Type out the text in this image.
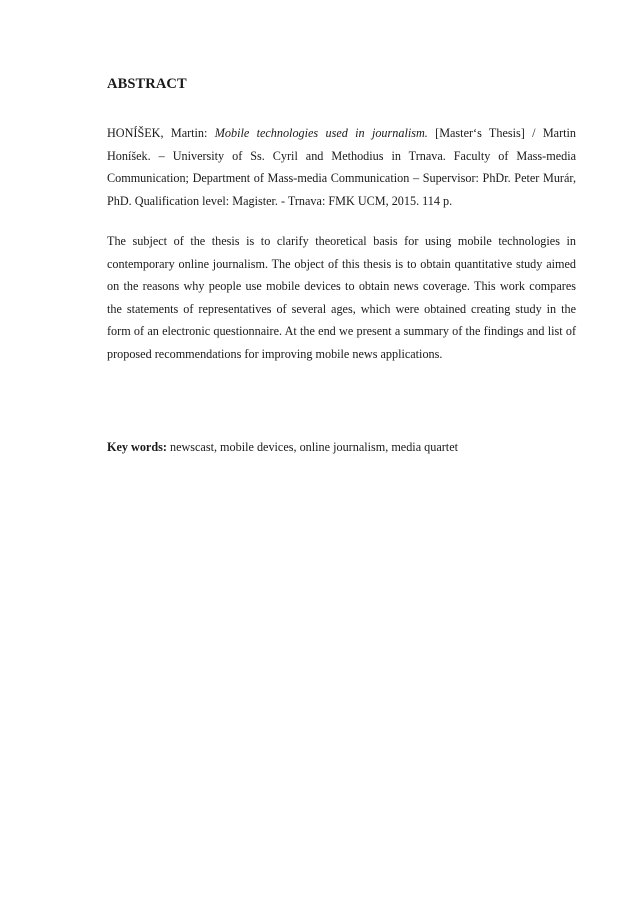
ABSTRACT
HONÍŠEK, Martin: Mobile technologies used in journalism. [Master‘s Thesis] / Martin Honíšek. – University of Ss. Cyril and Methodius in Trnava. Faculty of Mass-media Communication; Department of Mass-media Communication – Supervisor: PhDr. Peter Murár, PhD. Qualification level: Magister. - Trnava: FMK UCM, 2015. 114 p.
The subject of the thesis is to clarify theoretical basis for using mobile technologies in contemporary online journalism. The object of this thesis is to obtain quantitative study aimed on the reasons why people use mobile devices to obtain news coverage. This work compares the statements of representatives of several ages, which were obtained creating study in the form of an electronic questionnaire. At the end we present a summary of the findings and list of proposed recommendations for improving mobile news applications.
Key words: newscast, mobile devices, online journalism, media quartet
